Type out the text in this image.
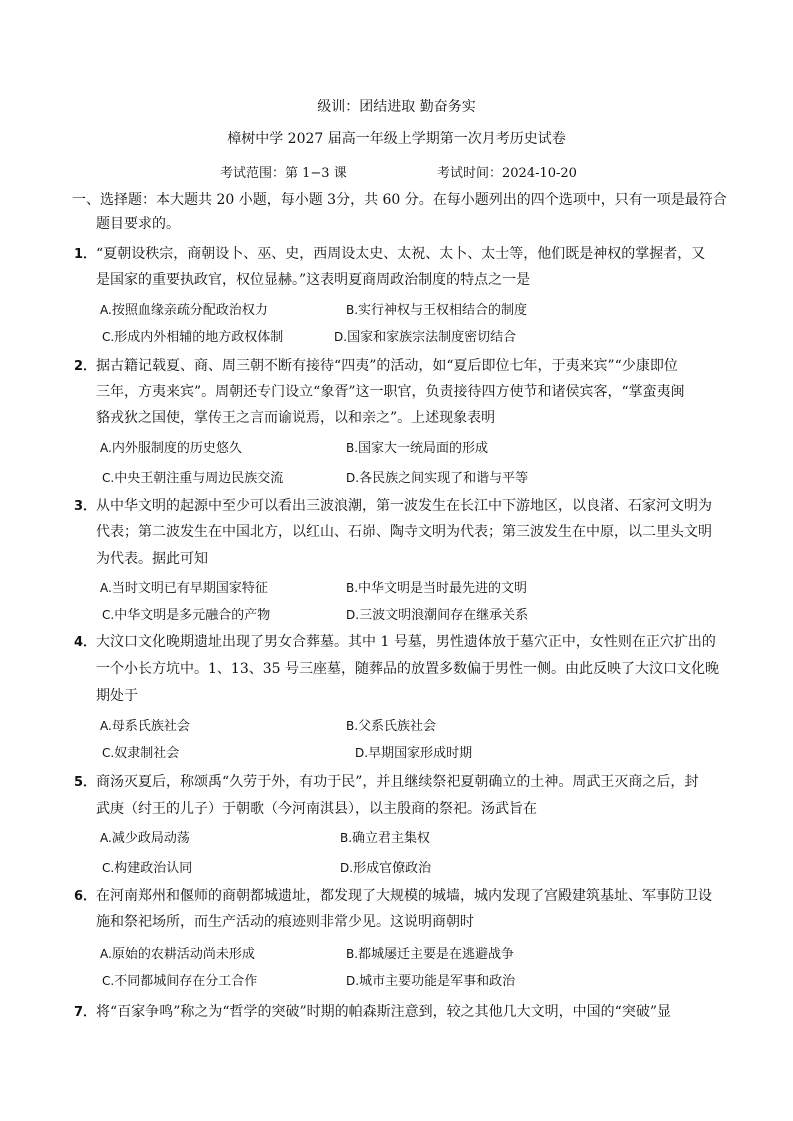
级训：团结进取 勤奋务实
樟树中学 2027 届高一年级上学期第一次月考历史试卷
考试范围：第 1−3 课	考试时间：2024-10-20
一、选择题：本大题共 20 小题，每小题 3分，共 60 分。在每小题列出的四个选项中，只有一项是最符合
题目要求的。
1．“夏朝设秩宗，商朝设卜、巫、史，西周设太史、太祝、太卜、太士等，他们既是神权的掌握者，又
是国家的重要执政官，权位显赫。”这表明夏商周政治制度的特点之一是
A.按照血缘亲疏分配政治权力	B.实行神权与王权相结合的制度
C.形成内外相辅的地方政权体制	D.国家和家族宗法制度密切结合
2．据古籍记载夏、商、周三朝不断有接待“四夷”的活动，如“夏后即位七年，于夷来宾”“少康即位
三年，方夷来宾”。周朝还专门设立“象胥”这一职官，负责接待四方使节和诸侯宾客，“掌蛮夷闽
貉戎狄之国使，掌传王之言而谕说焉，以和亲之”。上述现象表明
A.内外服制度的历史悠久	B.国家大一统局面的形成
C.中央王朝注重与周边民族交流	D.各民族之间实现了和谐与平等
3．从中华文明的起源中至少可以看出三波浪潮，第一波发生在长江中下游地区，以良渚、石家河文明为
代表；第二波发生在中国北方，以红山、石峁、陶寺文明为代表；第三波发生在中原，以二里头文明
为代表。据此可知
A.当时文明已有早期国家特征	B.中华文明是当时最先进的文明
C.中华文明是多元融合的产物	D.三波文明浪潮间存在继承关系
4．大汶口文化晚期遗址出现了男女合葬墓。其中 1 号墓，男性遗体放于墓穴正中，女性则在正穴扩出的
一个小长方坑中。1、13、35 号三座墓，随葬品的放置多数偏于男性一侧。由此反映了大汶口文化晚
期处于
A.母系氏族社会	B.父系氏族社会
C.奴隶制社会	D.早期国家形成时期
5．商汤灭夏后，称颂禹“久劳于外，有功于民”，并且继续祭祀夏朝确立的土神。周武王灭商之后，封
武庚（纣王的儿子）于朝歌（今河南淇县），以主殷商的祭祀。汤武旨在
A.减少政局动荡	B.确立君主集权
C.构建政治认同	D.形成官僚政治
6．在河南郑州和偃师的商朝都城遗址，都发现了大规模的城墙，城内发现了宫殿建筑基址、军事防卫设
施和祭祀场所，而生产活动的痕迹则非常少见。这说明商朝时
A.原始的农耕活动尚未形成	B.都城屡迁主要是在逃避战争
C.不同都城间存在分工合作	D.城市主要功能是军事和政治
7．将“百家争鸣”称之为“哲学的突破”时期的帕森斯注意到，较之其他几大文明，中国的“突破”显
